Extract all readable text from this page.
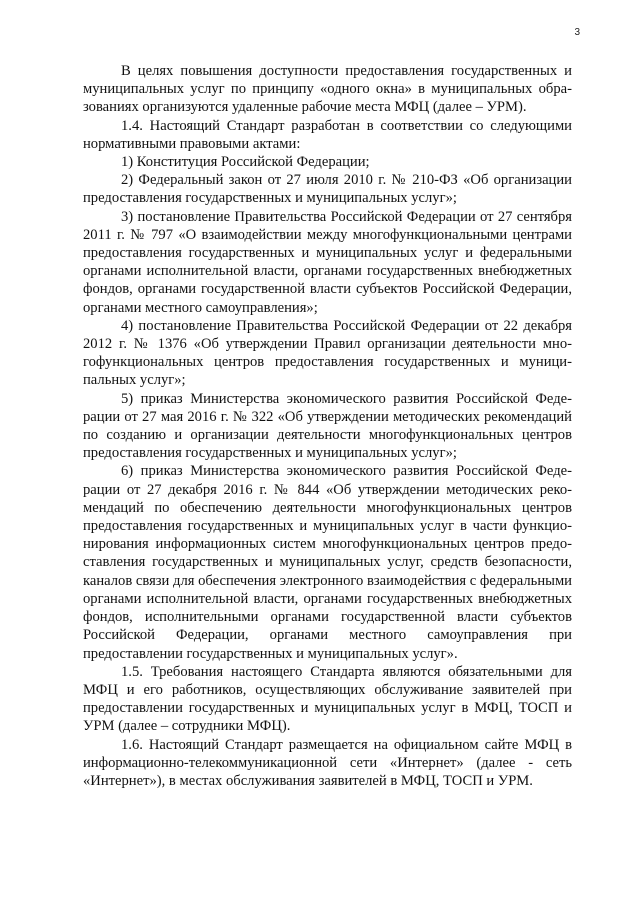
3

В целях повышения доступности предоставления государственных и муниципальных услуг по принципу «одного окна» в муниципальных образованиях организуются удаленные рабочие места МФЦ (далее – УРМ).

1.4. Настоящий Стандарт разработан в соответствии со следующими нормативными правовыми актами:

1) Конституция Российской Федерации;

2) Федеральный закон от 27 июля 2010 г. № 210-ФЗ «Об организации предоставления государственных и муниципальных услуг»;

3) постановление Правительства Российской Федерации от 27 сентября 2011 г. № 797 «О взаимодействии между многофункциональными центрами предоставления государственных и муниципальных услуг и федеральными органами исполнительной власти, органами государственных внебюджетных фондов, органами государственной власти субъектов Российской Федерации, органами местного самоуправления»;

4) постановление Правительства Российской Федерации от 22 декабря 2012 г. № 1376 «Об утверждении Правил организации деятельности многофункциональных центров предоставления государственных и муниципальных услуг»;

5) приказ Министерства экономического развития Российской Федерации от 27 мая 2016 г. № 322 «Об утверждении методических рекомендаций по созданию и организации деятельности многофункциональных центров предоставления государственных и муниципальных услуг»;

6) приказ Министерства экономического развития Российской Федерации от 27 декабря 2016 г. № 844 «Об утверждении методических рекомендаций по обеспечению деятельности многофункциональных центров предоставления государственных и муниципальных услуг в части функционирования информационных систем многофункциональных центров предоставления государственных и муниципальных услуг, средств безопасности, каналов связи для обеспечения электронного взаимодействия с федеральными органами исполнительной власти, органами государственных внебюджетных фондов, исполнительными органами государственной власти субъектов Российской Федерации, органами местного самоуправления при предоставлении государственных и муниципальных услуг».

1.5. Требования настоящего Стандарта являются обязательными для МФЦ и его работников, осуществляющих обслуживание заявителей при предоставлении государственных и муниципальных услуг в МФЦ, ТОСП и УРМ (далее – сотрудники МФЦ).

1.6. Настоящий Стандарт размещается на официальном сайте МФЦ в информационно-телекоммуникационной сети «Интернет» (далее - сеть «Интернет»), в местах обслуживания заявителей в МФЦ, ТОСП и УРМ.
